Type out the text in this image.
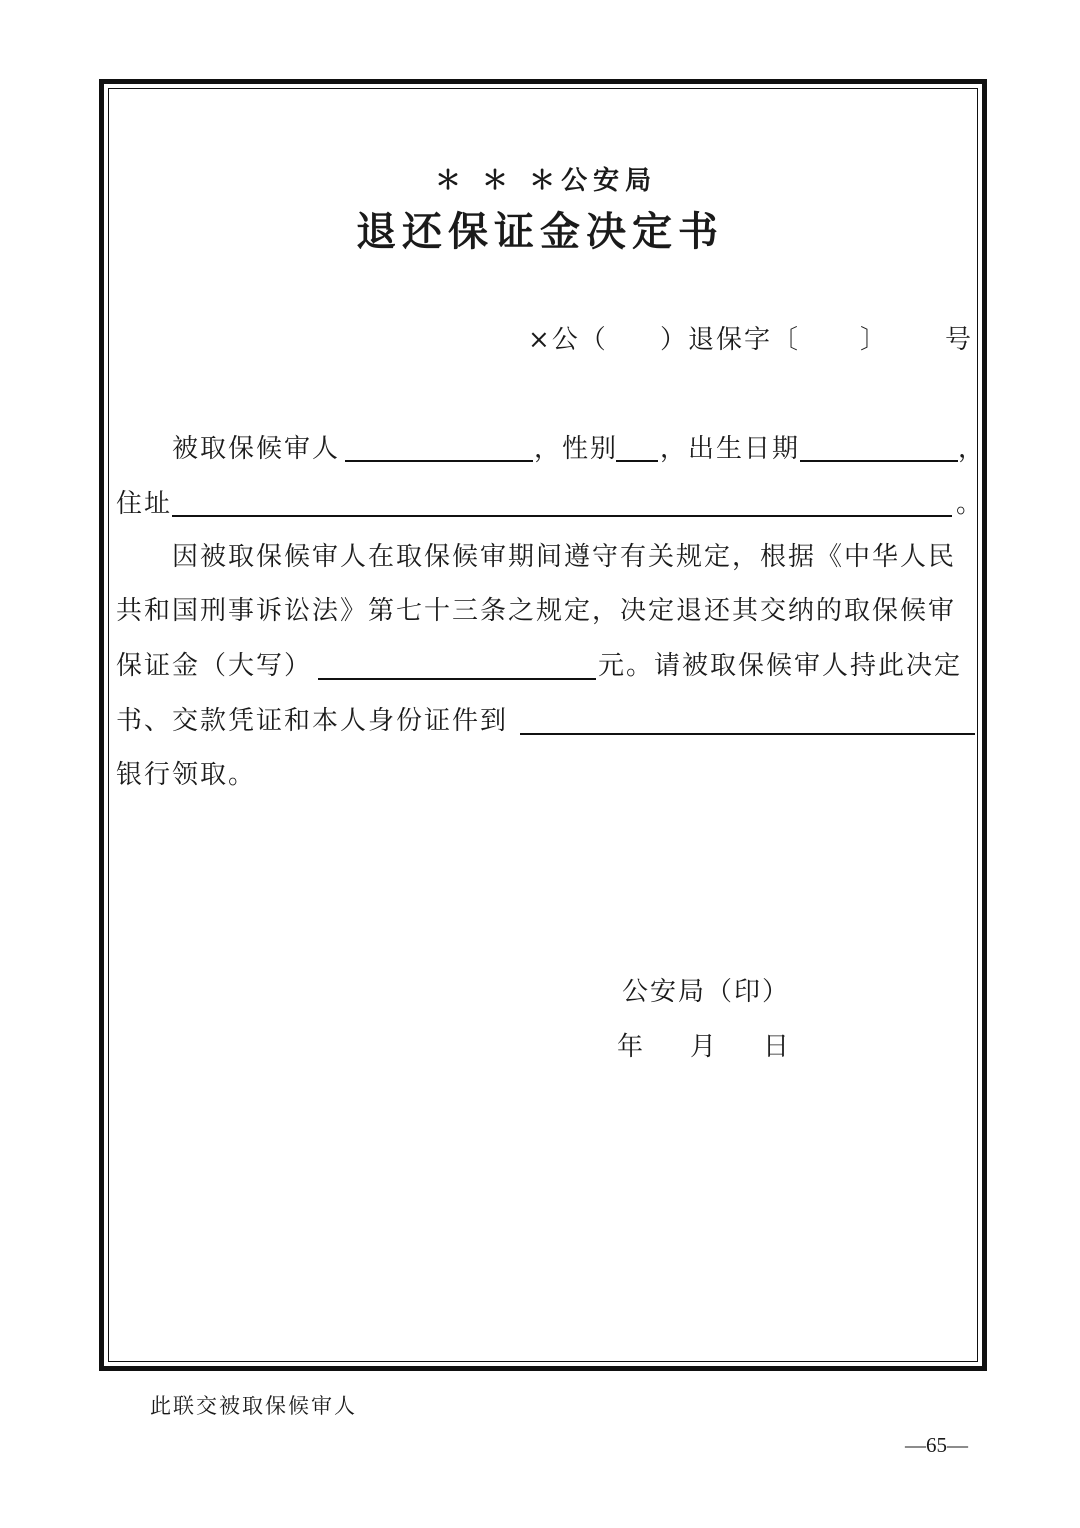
＊ ＊ ＊公安局
退还保证金决定书
×公（ ）退保字〔 〕 号
被取保候审人	，性别 ，出生日期	，
住址	。
因被取保候审人在取保候审期间遵守有关规定，根据《中华人民
共和国刑事诉讼法》第七十三条之规定，决定退还其交纳的取保候审
保证金（大写）	元。请被取保候审人持此决定
书、交款凭证和本人身份证件到
银行领取。
公安局（印）
年 月 日
此联交被取保候审人
—65—
